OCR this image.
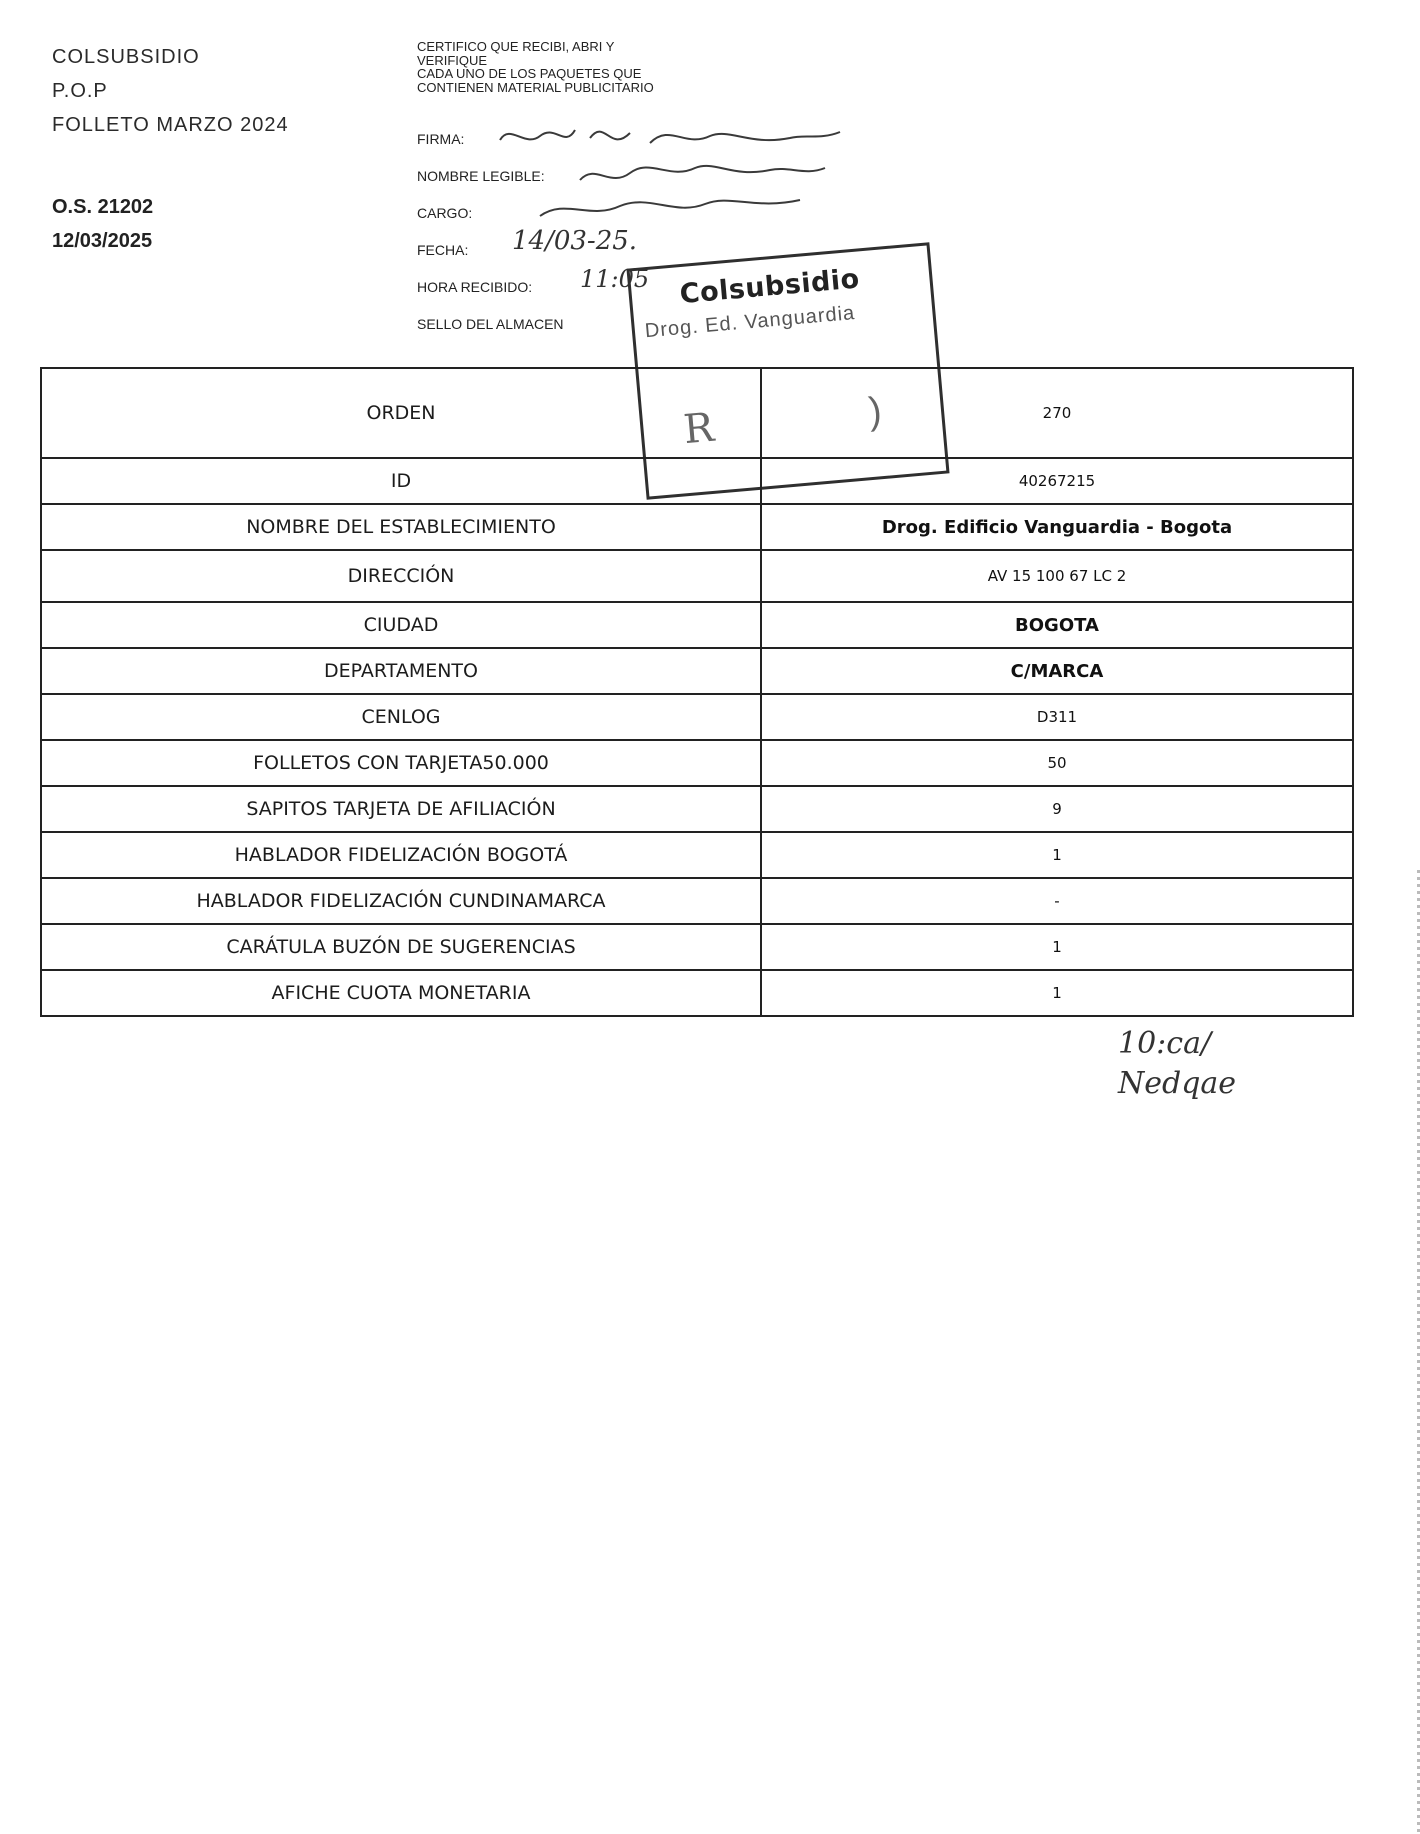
COLSUBSIDIO
P.O.P
FOLLETO MARZO 2024
O.S. 21202
12/03/2025
CERTIFICO QUE RECIBI, ABRI Y
VERIFIQUE
CADA UNO DE LOS PAQUETES QUE
CONTIENEN MATERIAL PUBLICITARIO
FIRMA:
NOMBRE LEGIBLE:
CARGO:
FECHA:
HORA RECIBIDO:
SELLO DEL ALMACEN
14/03-25.
11:05 Colsubsidio
Drog. Ed. Vanguardia
R	)
ORDEN	270
ID	40267215
NOMBRE DEL ESTABLECIMIENTO	Drog. Edificio Vanguardia - Bogota
DIRECCIÓN	AV 15 100 67 LC 2
CIUDAD	BOGOTA
DEPARTAMENTO	C/MARCA
CENLOG	D311
FOLLETOS CON TARJETA50.000	50
SAPITOS TARJETA DE AFILIACIÓN	9
HABLADOR FIDELIZACIÓN BOGOTÁ	1
HABLADOR FIDELIZACIÓN CUNDINAMARCA	-
CARÁTULA BUZÓN DE SUGERENCIAS	1
AFICHE CUOTA MONETARIA	1
10:ca/
Nedqae
